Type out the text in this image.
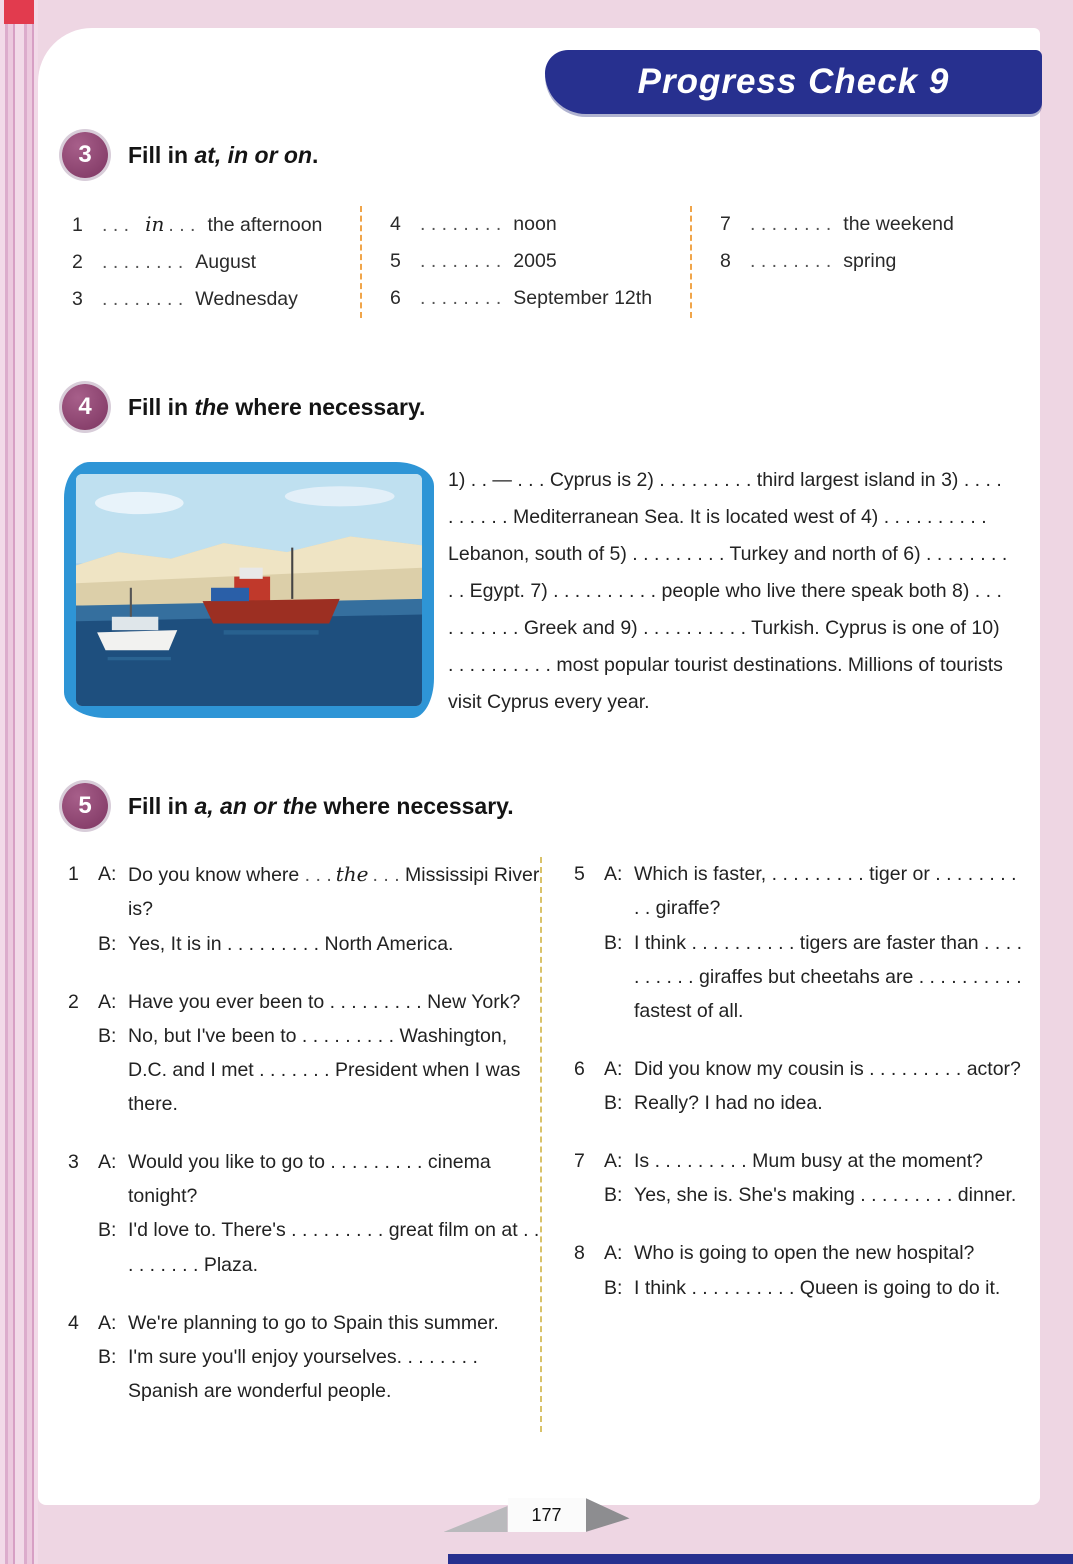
3	Fill in at, in or on.
1 . . . in . . . the afternoon
2 . . . . . . . . August
3 . . . . . . . . Wednesday
4 . . . . . . . . noon
5 . . . . . . . . 2005
6 . . . . . . . . September 12th
7 . . . . . . . . the weekend
8 . . . . . . . . spring
4	Fill in the where necessary.
1) . . — . . . Cyprus is 2) . . . . . . . . . third largest island in 3) . . . . . . . . . . Mediterranean Sea. It is located west of 4) . . . . . . . . . . Lebanon, south of 5) . . . . . . . . . Turkey and north of 6) . . . . . . . . . . Egypt. 7) . . . . . . . . . . people who live there speak both 8) . . . . . . . . . . Greek and 9) . . . . . . . . . . Turkish. Cyprus is one of 10) . . . . . . . . . . most popular tourist destinations. Millions of tourists visit Cyprus every year.
5	Fill in a, an or the where necessary.
1 A: Do you know where . . . the . . . Mississipi River is?
B: Yes, It is in . . . . . . . . . North America.
2 A: Have you ever been to . . . . . . . . . New York?
B: No, but I've been to . . . . . . . . . Washington, D.C. and I met . . . . . . . President when I was there.
3 A: Would you like to go to . . . . . . . . . cinema tonight?
B: I'd love to. There's . . . . . . . . . great film on at . . . . . . . . . Plaza.
4 A: We're planning to go to Spain this summer.
B: I'm sure you'll enjoy yourselves. . . . . . . . Spanish are wonderful people.
5 A: Which is faster, . . . . . . . . . tiger or . . . . . . . . . . giraffe?
B: I think . . . . . . . . . . tigers are faster than . . . . . . . . . . giraffes but cheetahs are . . . . . . . . . . fastest of all.
6 A: Did you know my cousin is . . . . . . . . . actor?
B: Really? I had no idea.
7 A: Is . . . . . . . . . Mum busy at the moment?
B: Yes, she is. She's making . . . . . . . . . dinner.
8 A: Who is going to open the new hospital?
B: I think . . . . . . . . . . Queen is going to do it.
Progress Check 9
177
